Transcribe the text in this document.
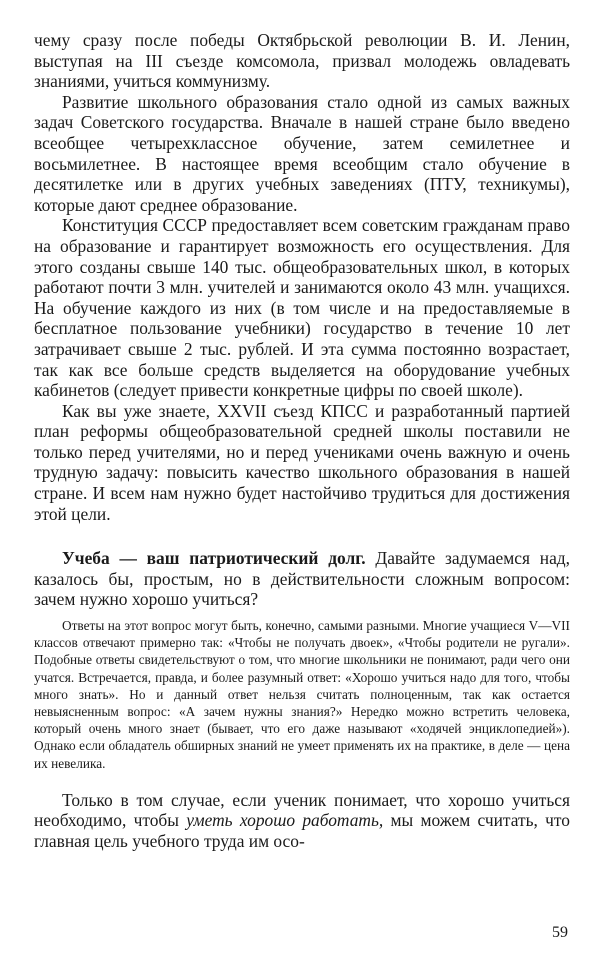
чему сразу после победы Октябрьской революции В. И. Ленин, выступая на III съезде комсомола, призвал молодежь овладевать знаниями, учиться коммунизму.

Развитие школьного образования стало одной из самых важных задач Советского государства. Вначале в нашей стране было введено всеобщее четырехклассное обучение, затем семилетнее и восьмилетнее. В настоящее время всеобщим стало обучение в десятилетке или в других учебных заведениях (ПТУ, техникумы), которые дают среднее образование.

Конституция СССР предоставляет всем советским гражданам право на образование и гарантирует возможность его осуществления. Для этого созданы свыше 140 тыс. общеобразовательных школ, в которых работают почти 3 млн. учителей и занимаются около 43 млн. учащихся. На обучение каждого из них (в том числе и на предоставляемые в бесплатное пользование учебники) государство в течение 10 лет затрачивает свыше 2 тыс. рублей. И эта сумма постоянно возрастает, так как все больше средств выделяется на оборудование учебных кабинетов (следует привести конкретные цифры по своей школе).

Как вы уже знаете, XXVII съезд КПСС и разработанный партией план реформы общеобразовательной средней школы поставили не только перед учителями, но и перед учениками очень важную и очень трудную задачу: повысить качество школьного образования в нашей стране. И всем нам нужно будет настойчиво трудиться для достижения этой цели.

Учеба — ваш патриотический долг. Давайте задумаемся над, казалось бы, простым, но в действительности сложным вопросом: зачем нужно хорошо учиться?

Ответы на этот вопрос могут быть, конечно, самыми разными. Многие учащиеся V—VII классов отвечают примерно так: «Чтобы не получать двоек», «Чтобы родители не ругали». Подобные ответы свидетельствуют о том, что многие школьники не понимают, ради чего они учатся. Встречается, правда, и более разумный ответ: «Хорошо учиться надо для того, чтобы много знать». Но и данный ответ нельзя считать полноценным, так как остается невыясненным вопрос: «А зачем нужны знания?» Нередко можно встретить человека, который очень много знает (бывает, что его даже называют «ходячей энциклопедией»). Однако если обладатель обширных знаний не умеет применять их на практике, в деле — цена их невелика.

Только в том случае, если ученик понимает, что хорошо учиться необходимо, чтобы уметь хорошо работать, мы можем считать, что главная цель учебного труда им осо-

59
